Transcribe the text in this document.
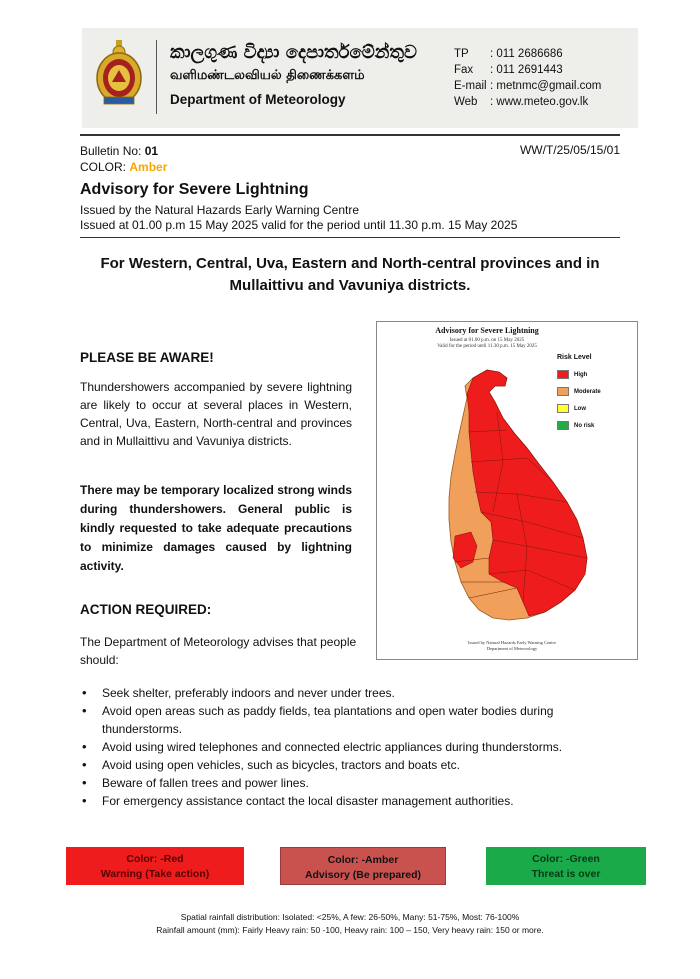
කාලගුණ විද්‍යා දෙපාර්තමේන්තුව
வளிமண்டலவியல் திணைக்களம்
Department of Meteorology
TP	: 011 2686686
Fax	: 011 2691443
E-mail : metnmc@gmail.com
Web	: www.meteo.gov.lk
Bulletin No: 01
COLOR: Amber
WW/T/25/05/15/01
Advisory for Severe Lightning
Issued by the Natural Hazards Early Warning Centre
Issued at 01.00 p.m 15 May 2025 valid for the period until 11.30 p.m. 15 May 2025
For Western, Central, Uva, Eastern and North-central provinces and in Mullaittivu and Vavuniya districts.
Advisory for Severe Lightning
Issued at 01.00 p.m. on 15 May 2025
Valid for the period until 11.30 p.m. 15 May 2025
Risk Level
High
Moderate
Low
No risk
Issued by Natural Hazards Early Warning Centre
Department of Meteorology
PLEASE BE AWARE!
Thundershowers accompanied by severe lightning are likely to occur at several places in Western, Central, Uva, Eastern, North-central and provinces and in Mullaittivu and Vavuniya districts.
There may be temporary localized strong winds during thundershowers. General public is kindly requested to take adequate precautions to minimize damages caused by lightning activity.
ACTION REQUIRED:
The Department of Meteorology advises that people should:
• Seek shelter, preferably indoors and never under trees.
• Avoid open areas such as paddy fields, tea plantations and open water bodies during thunderstorms.
• Avoid using wired telephones and connected electric appliances during thunderstorms.
• Avoid using open vehicles, such as bicycles, tractors and boats etc.
• Beware of fallen trees and power lines.
• For emergency assistance contact the local disaster management authorities.
Color: -Red
Warning (Take action)
Color: -Amber
Advisory (Be prepared)
Color: -Green
Threat is over
Spatial rainfall distribution: Isolated: <25%, A few: 26-50%, Many: 51-75%, Most: 76-100%
Rainfall amount (mm): Fairly Heavy rain: 50 -100, Heavy rain: 100 – 150, Very heavy rain: 150 or more.
